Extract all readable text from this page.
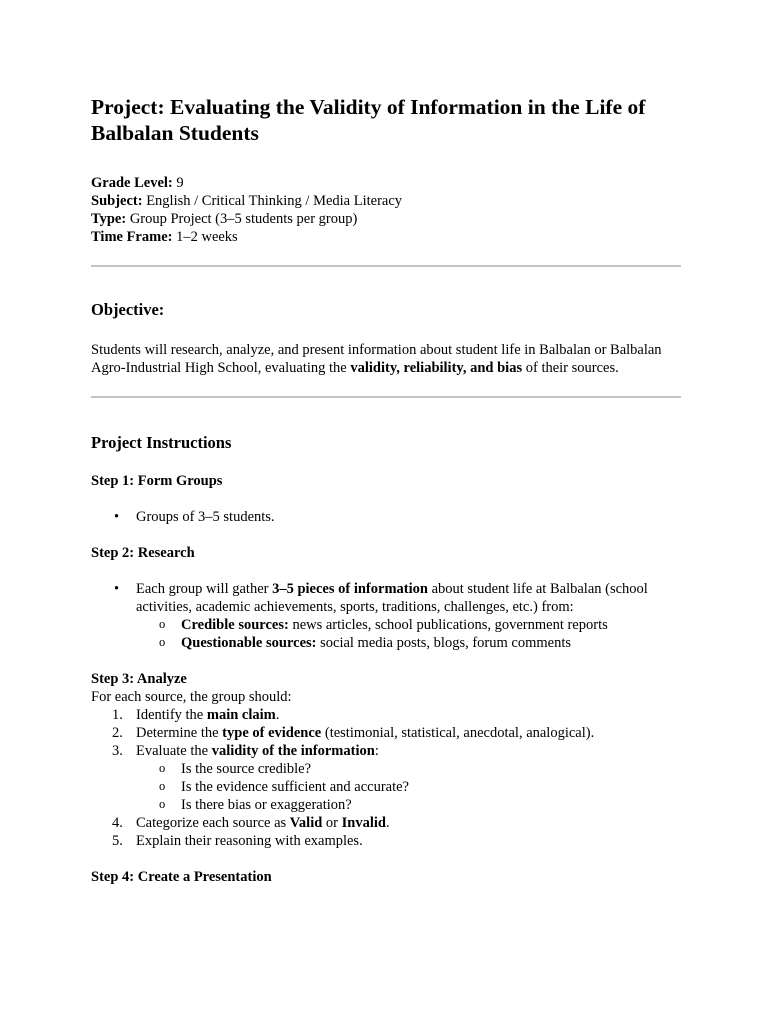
Project: Evaluating the Validity of Information in the Life of Balbalan Students

Grade Level: 9

Subject: English / Critical Thinking / Media Literacy

Type: Group Project (3–5 students per group)

Time Frame: 1–2 weeks

Objective:

Students will research, analyze, and present information about student life in Balbalan or Balbalan Agro-Industrial High School, evaluating the validity, reliability, and bias of their sources.

Project Instructions
Step 1: Form Groups
• Groups of 3–5 students.
Step 2: Research
• Each group will gather 3–5 pieces of information about student life at Balbalan (school activities, academic achievements, sports, traditions, challenges, etc.) from:
o Credible sources: news articles, school publications, government reports
o Questionable sources: social media posts, blogs, forum comments
Step 3: Analyze

For each source, the group should:

1. Identify the main claim.
2. Determine the type of evidence (testimonial, statistical, anecdotal, analogical).
3. Evaluate the validity of the information:
o Is the source credible?
o Is the evidence sufficient and accurate?
o Is there bias or exaggeration?
4. Categorize each source as Valid or Invalid.
5. Explain their reasoning with examples.
Step 4: Create a Presentation
